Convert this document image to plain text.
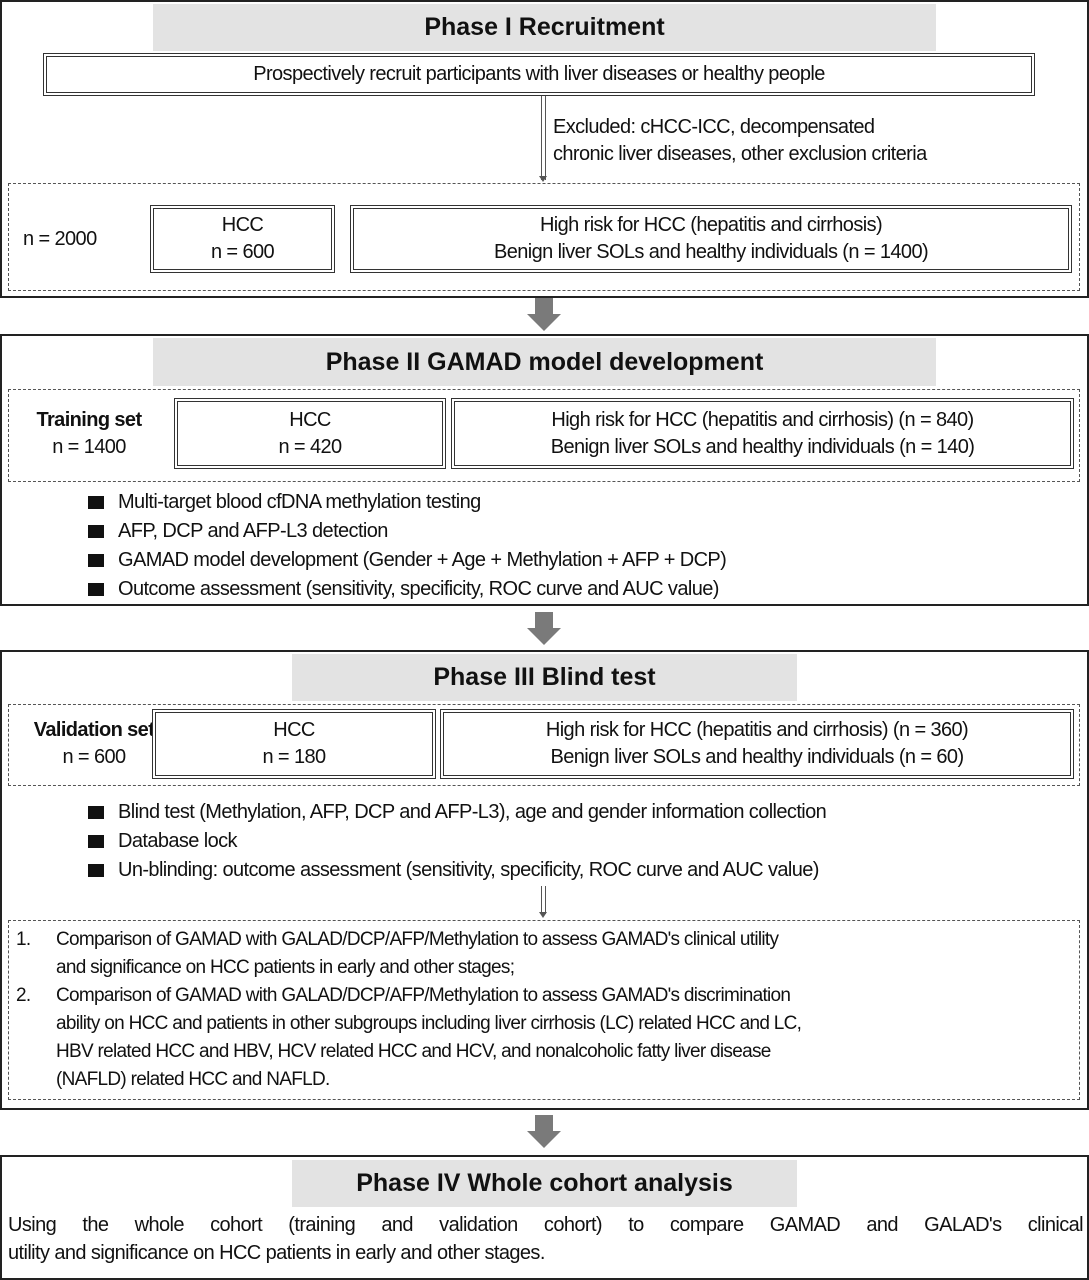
Phase I Recruitment
Prospectively recruit participants with liver diseases or healthy people
Excluded: cHCC-ICC, decompensated
chronic liver diseases, other exclusion criteria
n = 2000
HCC
n = 600
High risk for HCC (hepatitis and cirrhosis)
Benign liver SOLs and healthy individuals (n = 1400)
Phase II GAMAD model development
Training set
n = 1400
HCC
n = 420
High risk for HCC (hepatitis and cirrhosis) (n = 840)
Benign liver SOLs and healthy individuals (n = 140)
Multi-target blood cfDNA methylation testing
AFP, DCP and AFP-L3 detection
GAMAD model development (Gender + Age + Methylation + AFP + DCP)
Outcome assessment (sensitivity, specificity, ROC curve and AUC value)
Phase III Blind test
Validation set
n = 600
HCC
n = 180
High risk for HCC (hepatitis and cirrhosis) (n = 360)
Benign liver SOLs and healthy individuals (n = 60)
Blind test (Methylation, AFP, DCP and AFP-L3), age and gender information collection
Database lock
Un-blinding: outcome assessment (sensitivity, specificity, ROC curve and AUC value)
1.	Comparison of GAMAD with GALAD/DCP/AFP/Methylation to assess GAMAD's clinical utility
and significance on HCC patients in early and other stages;
2.	Comparison of GAMAD with GALAD/DCP/AFP/Methylation to assess GAMAD's discrimination
ability on HCC and patients in other subgroups including liver cirrhosis (LC) related HCC and LC,
HBV related HCC and HBV, HCV related HCC and HCV, and nonalcoholic fatty liver disease
(NAFLD) related HCC and NAFLD.
Phase IV Whole cohort analysis
Using the whole cohort (training and validation cohort) to compare GAMAD and GALAD's clinical
utility and significance on HCC patients in early and other stages.
